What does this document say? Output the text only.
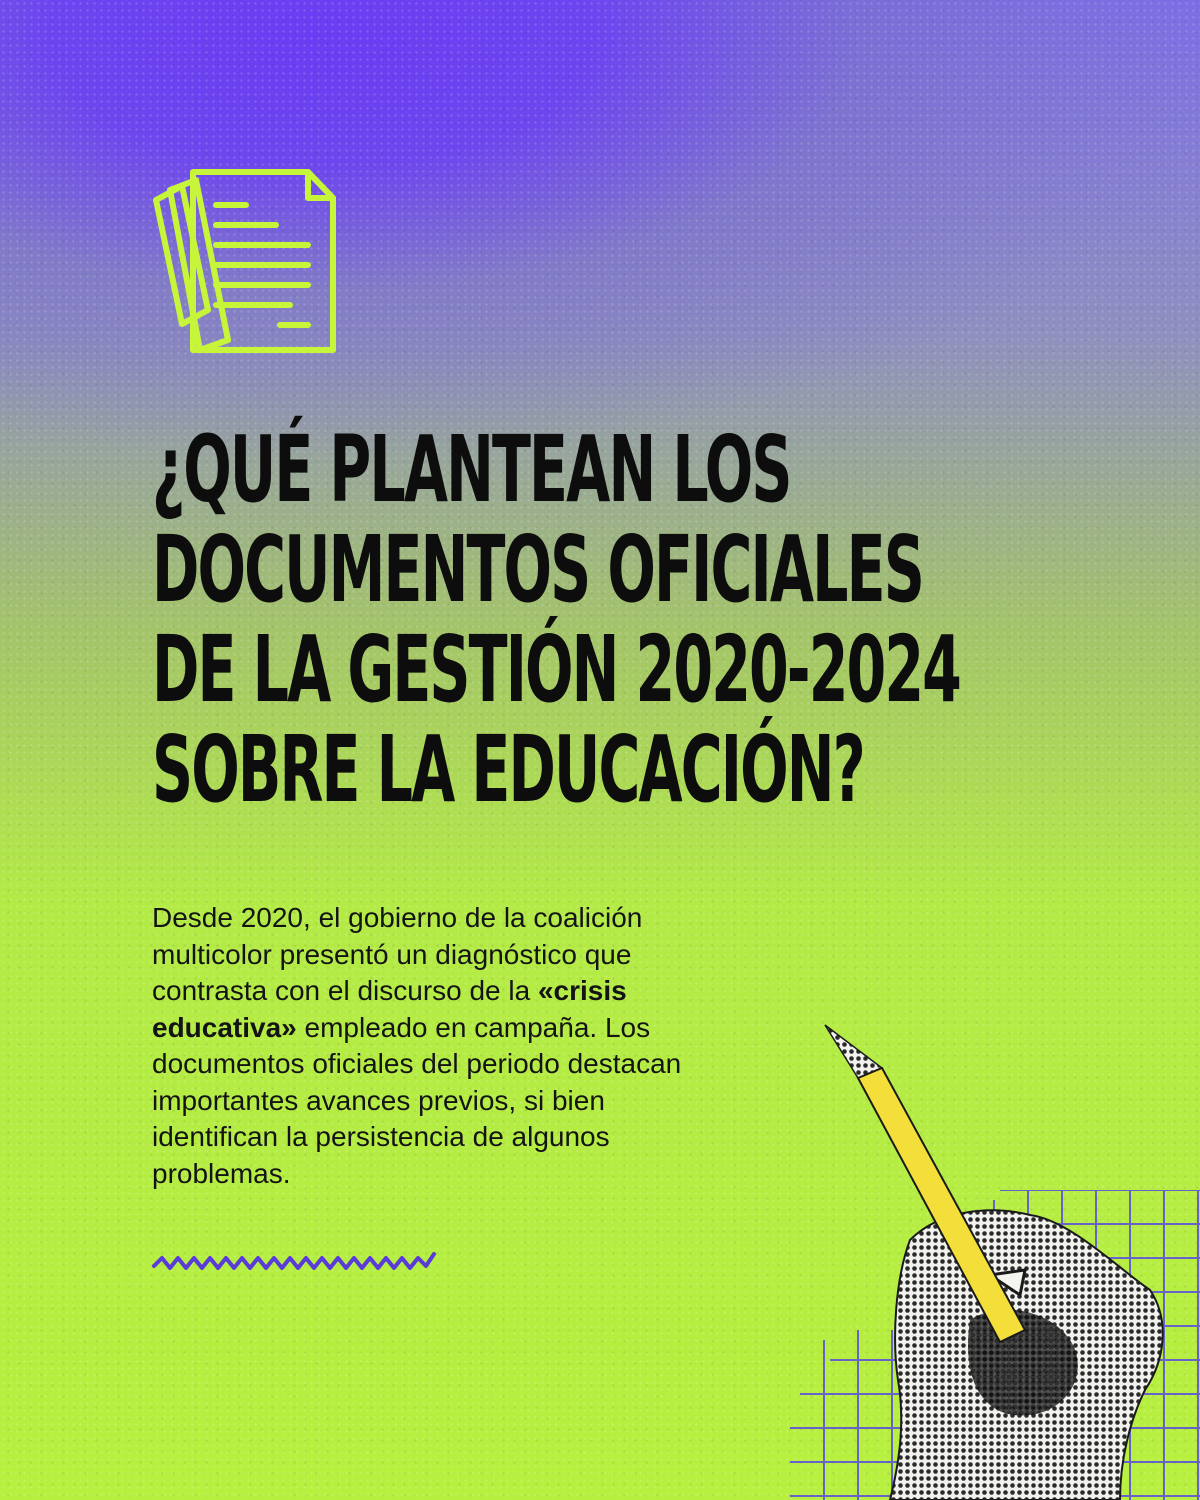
¿QUÉ PLANTEAN LOS
DOCUMENTOS OFICIALES
DE LA GESTIÓN 2020-2024
SOBRE LA EDUCACIÓN?

Desde 2020, el gobierno de la coalición multicolor presentó un diagnóstico que contrasta con el discurso de la «crisis educativa» empleado en campaña. Los documentos oficiales del periodo destacan importantes avances previos, si bien identifican la persistencia de algunos problemas.
